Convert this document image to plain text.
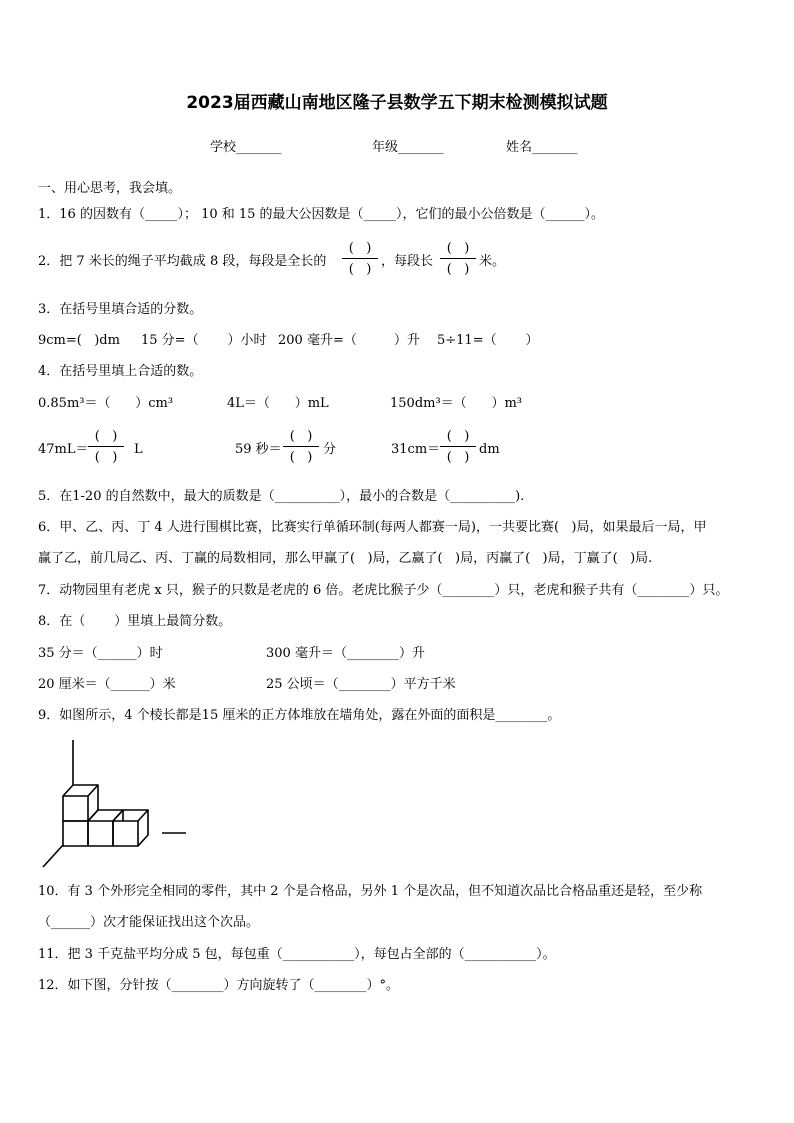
2023届西藏山南地区隆子县数学五下期末检测模拟试题
学校_______	年级_______	姓名_______
一、用心思考，我会填。
1．16 的因数有（_____）； 10 和 15 的最大公因数是（_____），它们的最小公倍数是（______）。
2．把 7 米长的绳子平均截成 8 段，每段是全长的
(   )
(   )
，每段长
(   )
(   )
米。
3．在括号里填合适的分数。
9cm=(   )dm 15 分=（       ）小时 200 毫升=（         ）升 5÷11=（       ）
4．在括号里填上合适的数。
0.85m³＝（      ）cm³	4L＝（      ）mL	150dm³＝（      ）m³
47mL＝
(   )
(   )
L	59 秒＝
(   )
(   )
分	31cm＝
(   )
(   )
dm
5．在1-20 的自然数中，最大的质数是（__________），最小的合数是（__________).
6．甲、乙、丙、丁 4 人进行围棋比赛，比赛实行单循环制(每两人都赛一局)，一共要比赛(   )局，如果最后一局，甲
赢了乙，前几局乙、丙、丁赢的局数相同，那么甲赢了(   )局，乙赢了(   )局，丙赢了(   )局，丁赢了(   )局.
7．动物园里有老虎 x 只，猴子的只数是老虎的 6 倍。老虎比猴子少（________）只，老虎和猴子共有（________）只。
8．在（       ）里填上最简分数。
35 分＝（______）时	300 毫升＝（________）升
20 厘米＝（______）米	25 公顷＝（________）平方千米
9．如图所示，4 个棱长都是15 厘米的正方体堆放在墙角处，露在外面的面积是________。
10．有 3 个外形完全相同的零件，其中 2 个是合格品，另外 1 个是次品，但不知道次品比合格品重还是轻，至少称
（______）次才能保证找出这个次品。
11．把 3 千克盐平均分成 5 包，每包重（___________），每包占全部的（___________）。
12．如下图，分针按（________）方向旋转了（________）°。
